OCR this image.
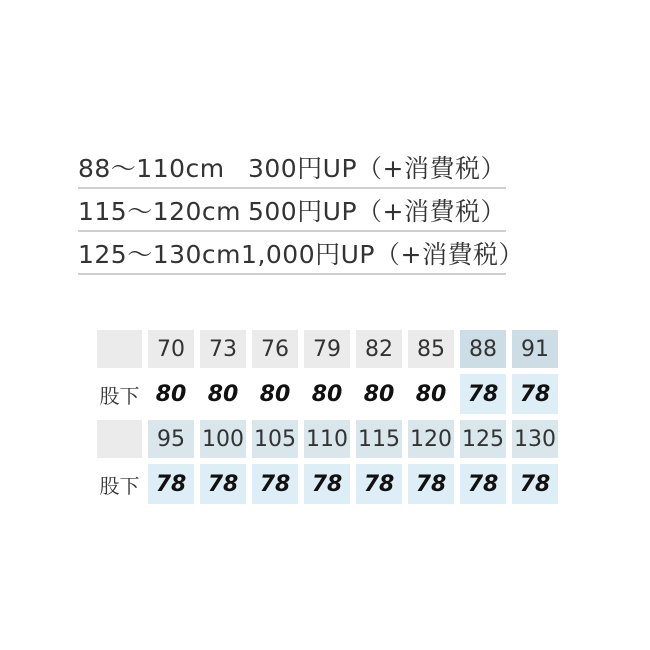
88〜110cm 300円UP（+消費税）
115〜120cm 500円UP（+消費税）
125〜130cm 1,000円UP（+消費税）
70	73	76	79	82	85	88	91
股下 80 80 80 80 80 80 78 78
95 100 105 110 115 120 125 130
股下 78 78 78 78 78 78 78 78
